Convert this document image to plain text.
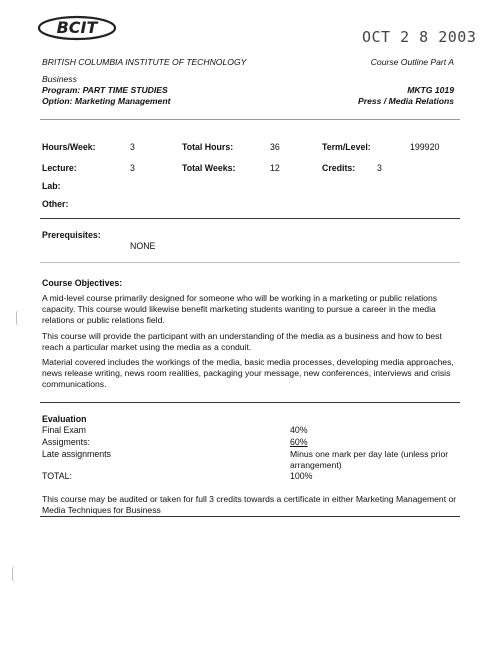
BCIT	OCT 2 8 2003
BRITISH COLUMBIA INSTITUTE OF TECHNOLOGY	Course Outline Part A
Business
Program: PART TIME STUDIES
Option: Marketing Management
MKTG 1019
Press / Media Relations
Hours/Week:	3	Total Hours:	36	Term/Level:	199920
Lecture:	3	Total Weeks:	12	Credits: 3
Lab:
Other:
Prerequisites:
NONE
Course Objectives:
A mid-level course primarily designed for someone who will be working in a marketing or public relations capacity. This course would likewise benefit marketing students wanting to pursue a career in the media relations or public relations field.
This course will provide the participant with an understanding of the media as a business and how to best reach a particular market using the media as a conduit.
Material covered includes the workings of the media, basic media processes, developing media approaches, news release writing, news room realities, packaging your message, new conferences, interviews and crisis communications.
Evaluation
Final Exam	40%
Assigments:	60%
Late assignments	Minus one mark per day late (unless prior arrangement)
TOTAL:	100%
This course may be audited or taken for full 3 credits towards a certificate in either Marketing Management or Media Techniques for Business
